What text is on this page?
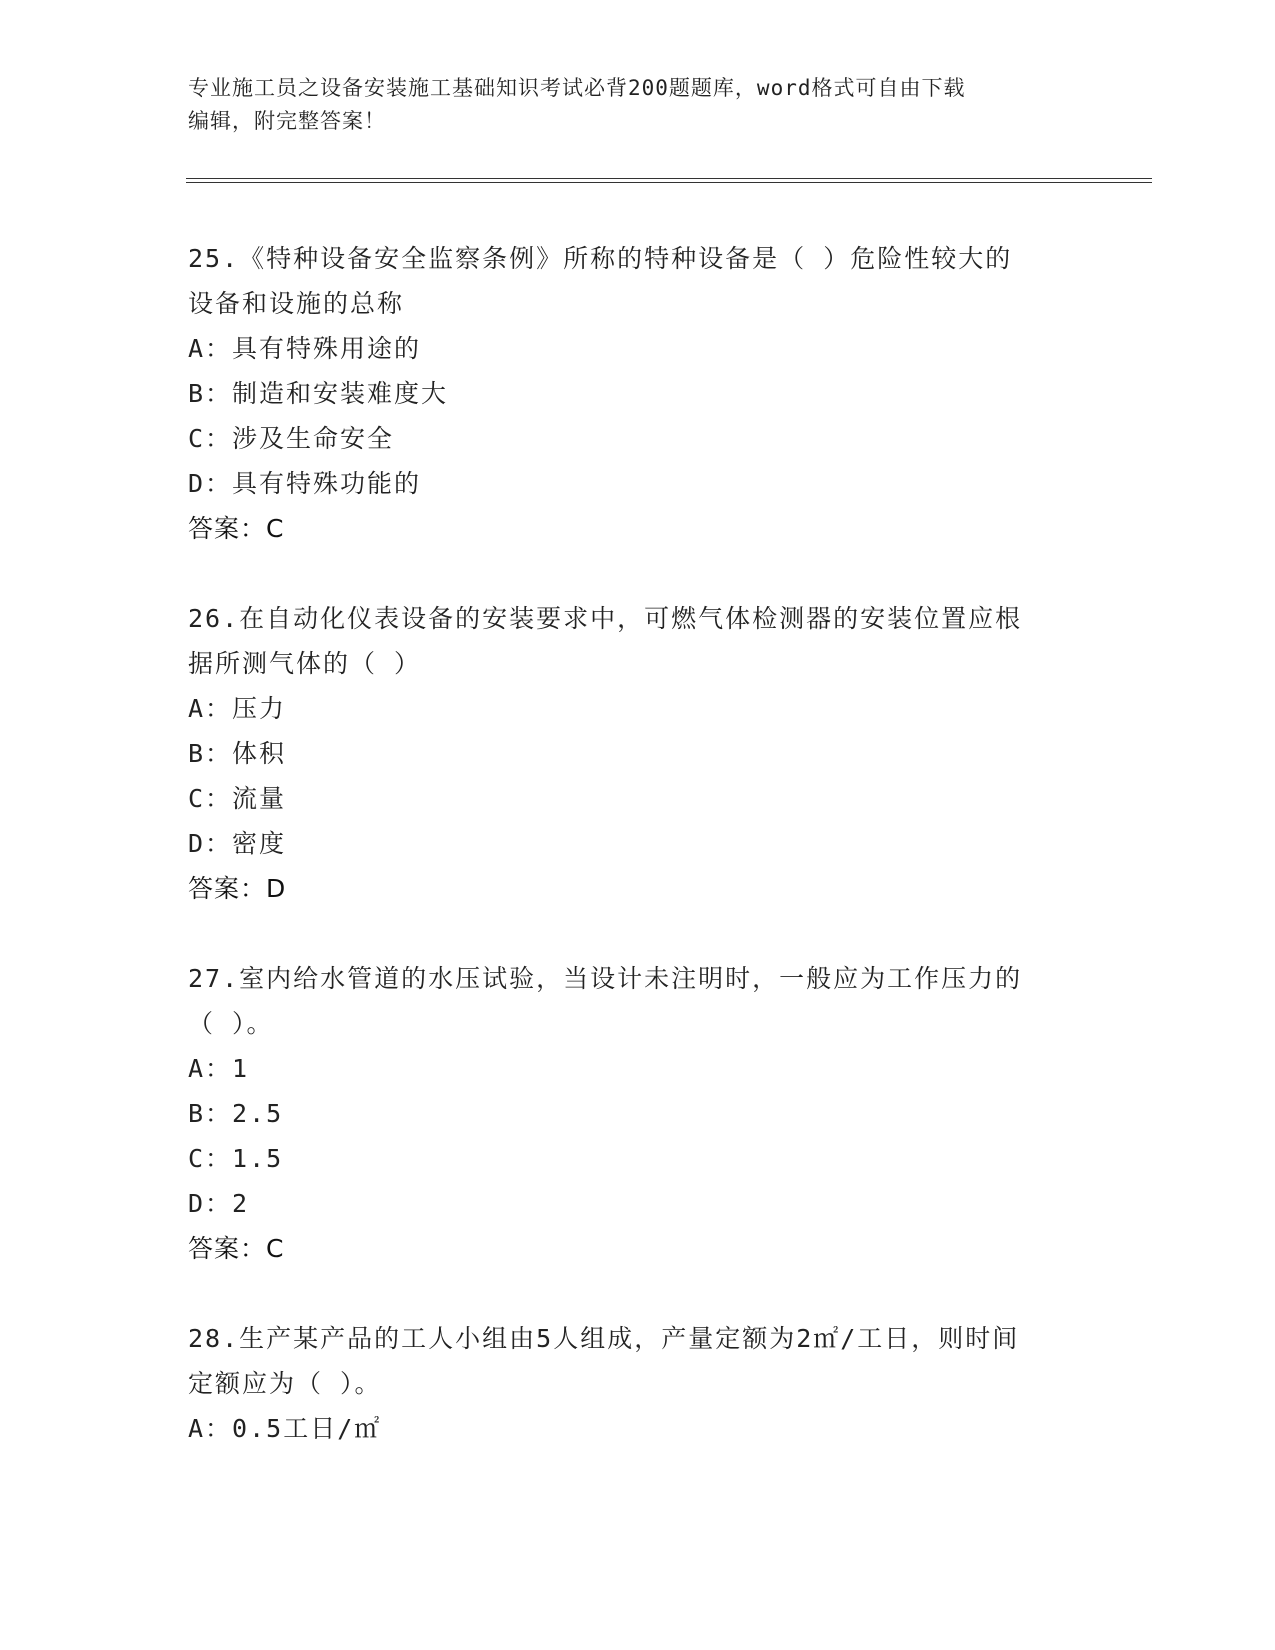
专业施工员之设备安装施工基础知识考试必背200题题库，word格式可自由下载
编辑，附完整答案！
25.《特种设备安全监察条例》所称的特种设备是（ ）危险性较大的
设备和设施的总称
A：具有特殊用途的
B：制造和安装难度大
C：涉及生命安全
D：具有特殊功能的
答案：C
26.在自动化仪表设备的安装要求中，可燃气体检测器的安装位置应根
据所测气体的（ ）
A：压力
B：体积
C：流量
D：密度
答案：D
27.室内给水管道的水压试验，当设计未注明时，一般应为工作压力的
（ ）。
A：1
B：2.5
C：1.5
D：2
答案：C
28.生产某产品的工人小组由5人组成，产量定额为2㎡/工日，则时间
定额应为（ ）。
A：0.5工日/㎡
